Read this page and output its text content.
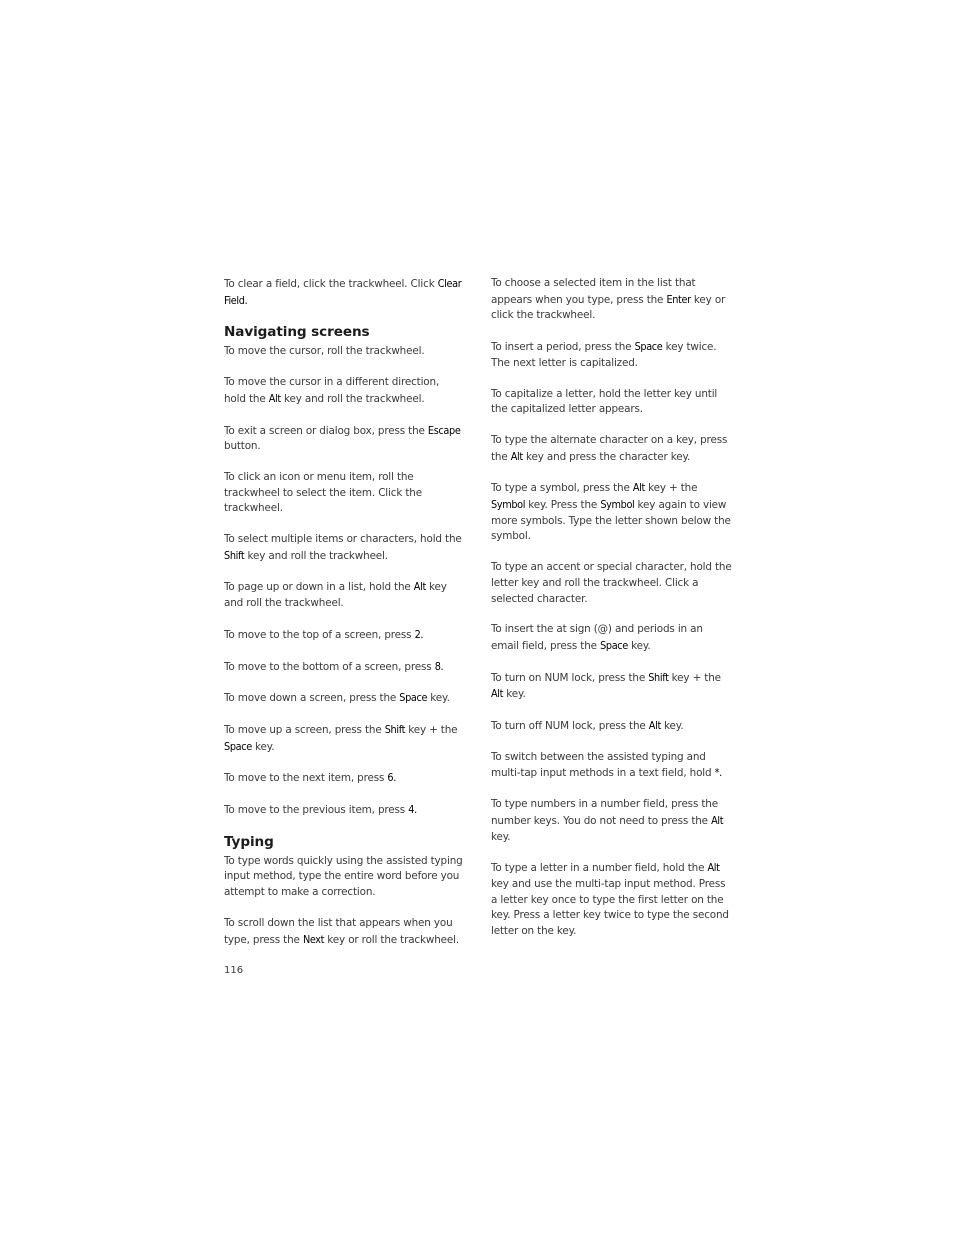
To clear a field, click the trackwheel. Click Clear Field.

Navigating screens

To move the cursor, roll the trackwheel.

To move the cursor in a different direction, hold the Alt key and roll the trackwheel.

To exit a screen or dialog box, press the Escape button.

To click an icon or menu item, roll the trackwheel to select the item. Click the trackwheel.

To select multiple items or characters, hold the Shift key and roll the trackwheel.

To page up or down in a list, hold the Alt key and roll the trackwheel.

To move to the top of a screen, press 2.

To move to the bottom of a screen, press 8.

To move down a screen, press the Space key.

To move up a screen, press the Shift key + the Space key.

To move to the next item, press 6.

To move to the previous item, press 4.

Typing

To type words quickly using the assisted typing input method, type the entire word before you attempt to make a correction.

To scroll down the list that appears when you type, press the Next key or roll the trackwheel.

To choose a selected item in the list that appears when you type, press the Enter key or click the trackwheel.

To insert a period, press the Space key twice. The next letter is capitalized.

To capitalize a letter, hold the letter key until the capitalized letter appears.

To type the alternate character on a key, press the Alt key and press the character key.

To type a symbol, press the Alt key + the Symbol key. Press the Symbol key again to view more symbols. Type the letter shown below the symbol.

To type an accent or special character, hold the letter key and roll the trackwheel. Click a selected character.

To insert the at sign (@) and periods in an email field, press the Space key.

To turn on NUM lock, press the Shift key + the Alt key.

To turn off NUM lock, press the Alt key.

To switch between the assisted typing and multi-tap input methods in a text field, hold *.

To type numbers in a number field, press the number keys. You do not need to press the Alt key.

To type a letter in a number field, hold the Alt key and use the multi-tap input method. Press a letter key once to type the first letter on the key. Press a letter key twice to type the second letter on the key.

116
